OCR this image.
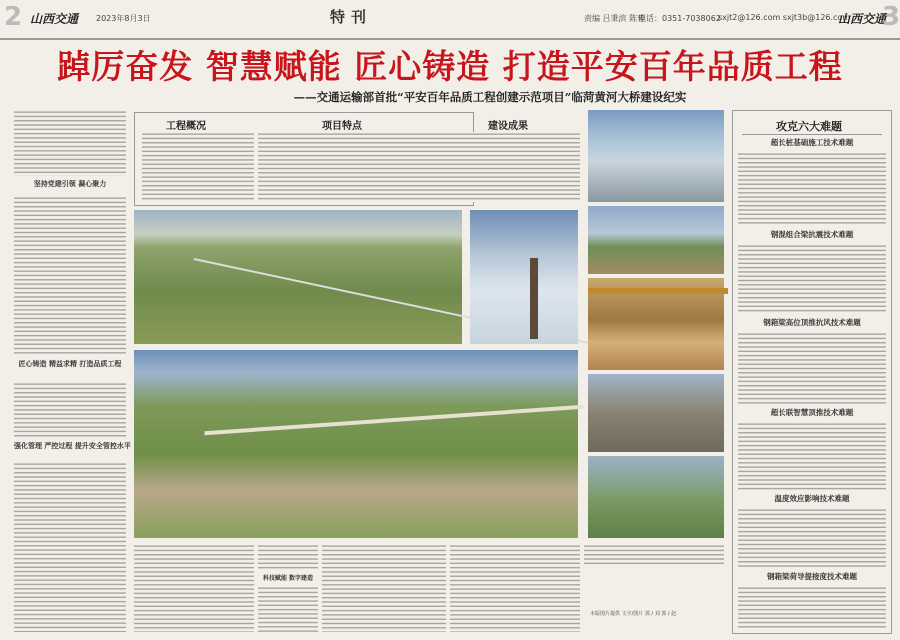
2 山西交通 2023年8月3日	特刊	责编 吕秉滨 陈蓉
电话：0351-7038062
sxjt2@126.com sxjt3b@126.com
山西交通
3
踔厉奋发 智慧赋能 匠心铸造 打造平安百年品质工程
——交通运输部首批“平安百年品质工程创建示范项目”临菏黄河大桥建设纪实
坚持党建引领 凝心聚力
匠心铸造 精益求精 打造品质工程
强化管理 严控过程 提升安全管控水平
工程概况	项目特点	建设成果
科技赋能 数字建造
本版图片提供 文字/图片 郭 / 刘 郭 / 赵
攻克六大难题
超长桩基础施工技术难题
钢混组合梁抗震技术难题
钢箱梁高位顶推抗风技术难题
超长联智慧顶推技术难题
温度效应影响技术难题
钢箱梁荷导提接度技术难题
